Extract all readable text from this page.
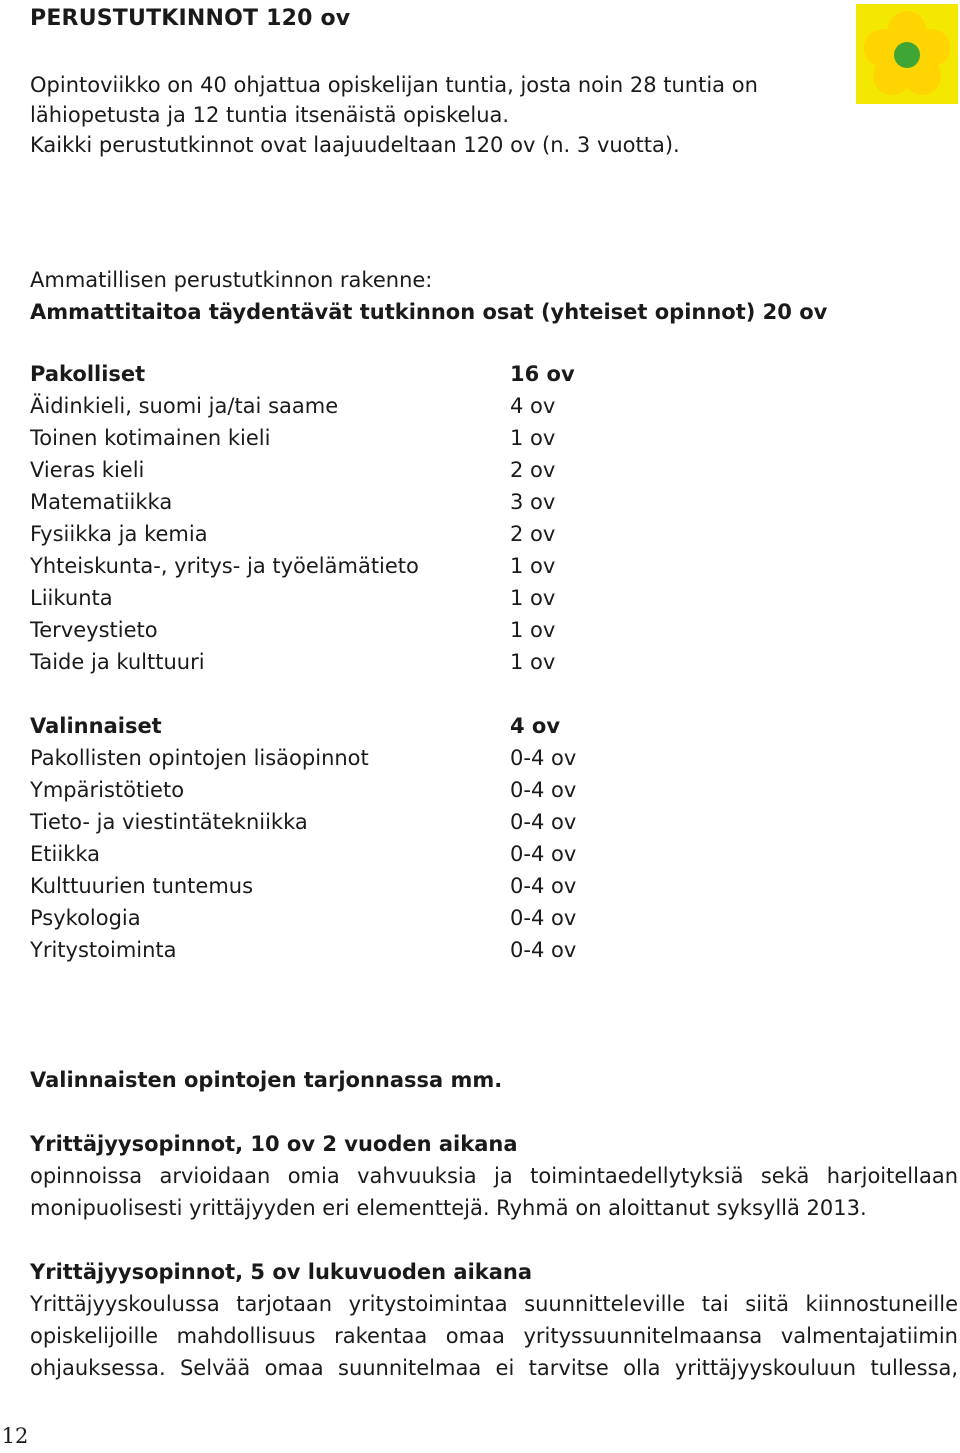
PERUSTUTKINNOT 120 ov
Opintoviikko on 40 ohjattua opiskelijan tuntia, josta noin 28 tuntia on
lähiopetusta ja 12 tuntia itsenäistä opiskelua.
Kaikki perustutkinnot ovat laajuudeltaan 120 ov (n. 3 vuotta).
Ammatillisen perustutkinnon rakenne:
Ammattitaitoa täydentävät tutkinnon osat (yhteiset opinnot) 20 ov
Pakolliset	16 ov
Äidinkieli, suomi ja/tai saame	4 ov
Toinen kotimainen kieli	1 ov
Vieras kieli	2 ov
Matematiikka	3 ov
Fysiikka ja kemia	2 ov
Yhteiskunta-, yritys- ja työelämätieto	1 ov
Liikunta	1 ov
Terveystieto	1 ov
Taide ja kulttuuri	1 ov
Valinnaiset	4 ov
Pakollisten opintojen lisäopinnot	0-4 ov
Ympäristötieto	0-4 ov
Tieto- ja viestintätekniikka	0-4 ov
Etiikka	0-4 ov
Kulttuurien tuntemus	0-4 ov
Psykologia	0-4 ov
Yritystoiminta	0-4 ov
Valinnaisten opintojen tarjonnassa mm.
Yrittäjyysopinnot, 10 ov 2 vuoden aikana
opinnoissa arvioidaan omia vahvuuksia ja toimintaedellytyksiä sekä harjoitellaan
monipuolisesti yrittäjyyden eri elementtejä. Ryhmä on aloittanut syksyllä 2013.
Yrittäjyysopinnot, 5 ov lukuvuoden aikana
Yrittäjyyskoulussa tarjotaan yritystoimintaa suunnitteleville tai siitä kiinnostuneille
opiskelijoille mahdollisuus rakentaa omaa yrityssuunnitelmaansa valmentajatiimin
ohjauksessa. Selvää omaa suunnitelmaa ei tarvitse olla yrittäjyyskouluun tullessa,
12
